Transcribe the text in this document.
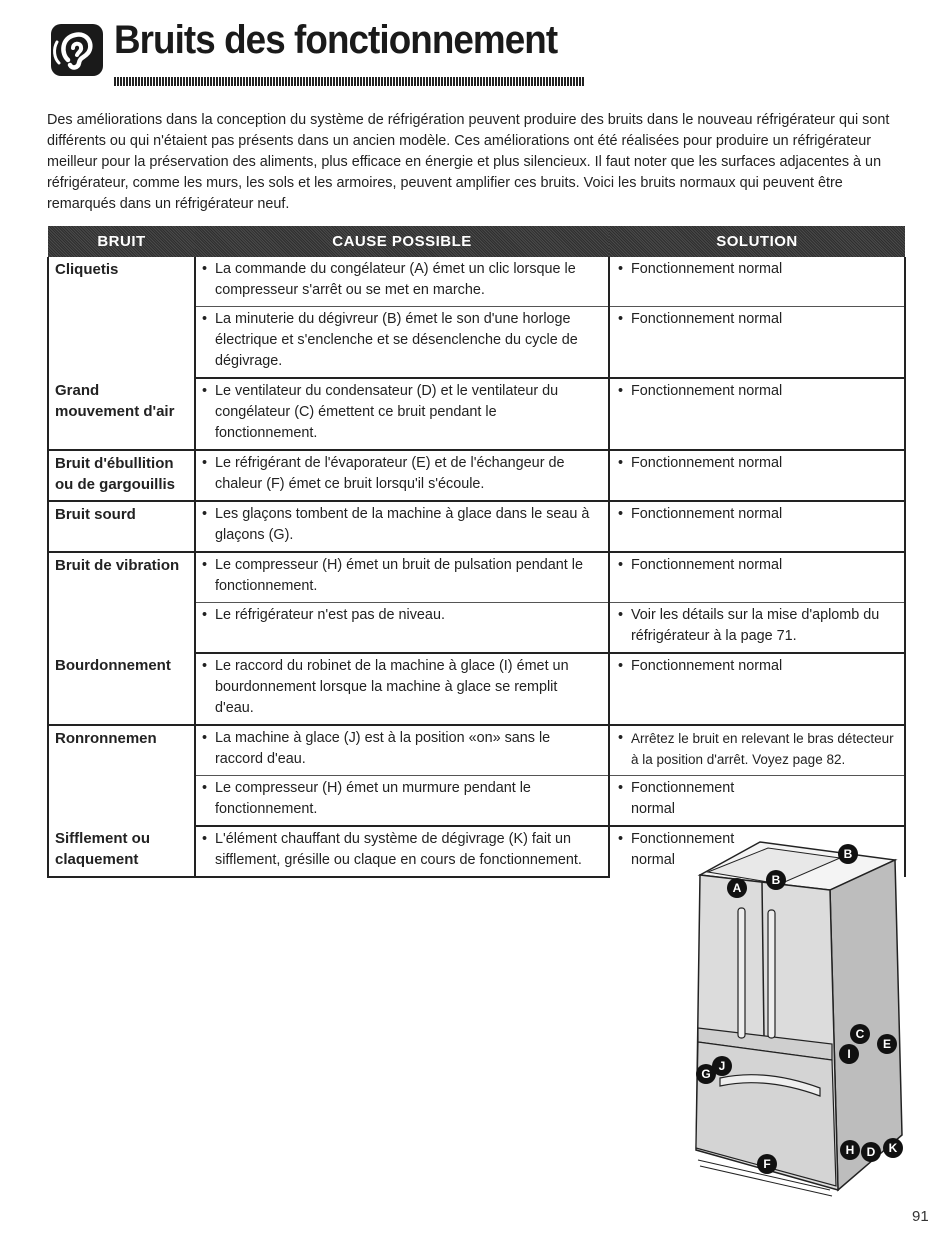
Bruits des fonctionnement

Des améliorations dans la conception du système de réfrigération peuvent produire des bruits dans le nouveau réfrigérateur qui sont différents ou qui n'étaient pas présents dans un ancien modèle. Ces améliorations ont été réalisées pour produire un réfrigérateur meilleur pour la préservation des aliments, plus efficace en énergie et plus silencieux. Il faut noter que les surfaces adjacentes à un réfrigérateur, comme les murs, les sols et les armoires, peuvent amplifier ces bruits. Voici les bruits normaux qui peuvent être remarqués dans un réfrigérateur neuf.

BRUIT	CAUSE POSSIBLE	SOLUTION
Cliquetis	• La commande du congélateur (A) émet un clic lorsque le compresseur s'arrêt ou se met en marche.	• Fonctionnement normal

	• La minuterie du dégivreur (B) émet le son d'une horloge électrique et s'enclenche et se désenclenche du cycle de dégivrage.	• Fonctionnement normal

Grand mouvement d'air	• Le ventilateur du condensateur (D) et le ventilateur du congélateur (C) émettent ce bruit pendant le fonctionnement.	• Fonctionnement normal

Bruit d'ébullition ou de gargouillis	• Le réfrigérant de l'évaporateur (E) et de l'échangeur de chaleur (F) émet ce bruit lorsqu'il s'écoule.	• Fonctionnement normal

Bruit sourd	• Les glaçons tombent de la machine à glace dans le seau à glaçons (G).	• Fonctionnement normal

Bruit de vibration	• Le compresseur (H) émet un bruit de pulsation pendant le fonctionnement.	• Fonctionnement normal

	• Le réfrigérateur n'est pas de niveau.	• Voir les détails sur la mise d'aplomb du réfrigérateur à la page 71.

Bourdonnement	• Le raccord du robinet de la machine à glace (I) émet un bourdonnement lorsque la machine à glace se remplit d'eau.	• Fonctionnement normal

Ronronnemen	• La machine à glace (J) est à la position «on» sans le raccord d'eau.	• Arrêtez le bruit en relevant le bras détecteur à la position d'arrêt. Voyez page 82.

	• Le compresseur (H) émet un murmure pendant le fonctionnement.	• Fonctionnement normal

Sifflement ou claquement	• L'élément chauffant du système de dégivrage (K) fait un sifflement, grésille ou claque en cours de fonctionnement.	• Fonctionnement normal	B
A
B
C
I
E
G
J
H D K
F

91
